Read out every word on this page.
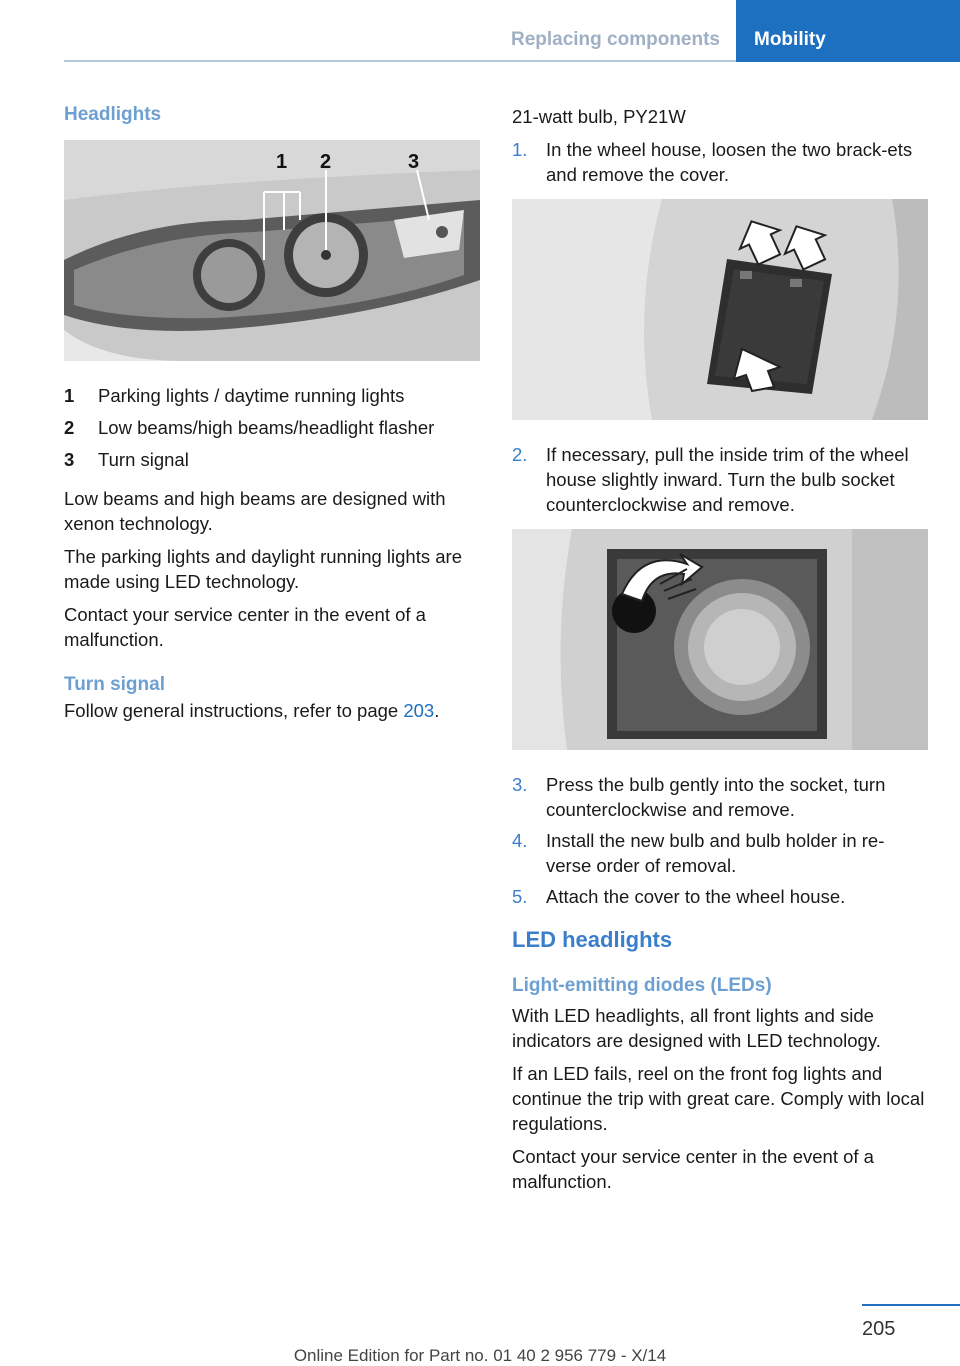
Replacing components	Mobility
Headlights
1 2	3
1	Parking lights / daytime running lights
2	Low beams/high beams/headlight flasher
3	Turn signal

Low beams and high beams are designed with xenon technology.

The parking lights and daylight running lights are made using LED technology.

Contact your service center in the event of a malfunction.

Turn signal

Follow general instructions, refer to page 203.

21-watt bulb, PY21W

1.	In the wheel house, loosen the two brack‐ets and remove the cover.
2.	If necessary, pull the inside trim of the wheel house slightly inward. Turn the bulb socket counterclockwise and remove.
3.	Press the bulb gently into the socket, turn counterclockwise and remove.
4.	Install the new bulb and bulb holder in re‐verse order of removal.
5.	Attach the cover to the wheel house.
LED headlights
Light-emitting diodes (LEDs)

With LED headlights, all front lights and side indicators are designed with LED technology.

If an LED fails, reel on the front fog lights and continue the trip with great care. Comply with local regulations.

Contact your service center in the event of a malfunction.

205
Online Edition for Part no. 01 40 2 956 779 - X/14
